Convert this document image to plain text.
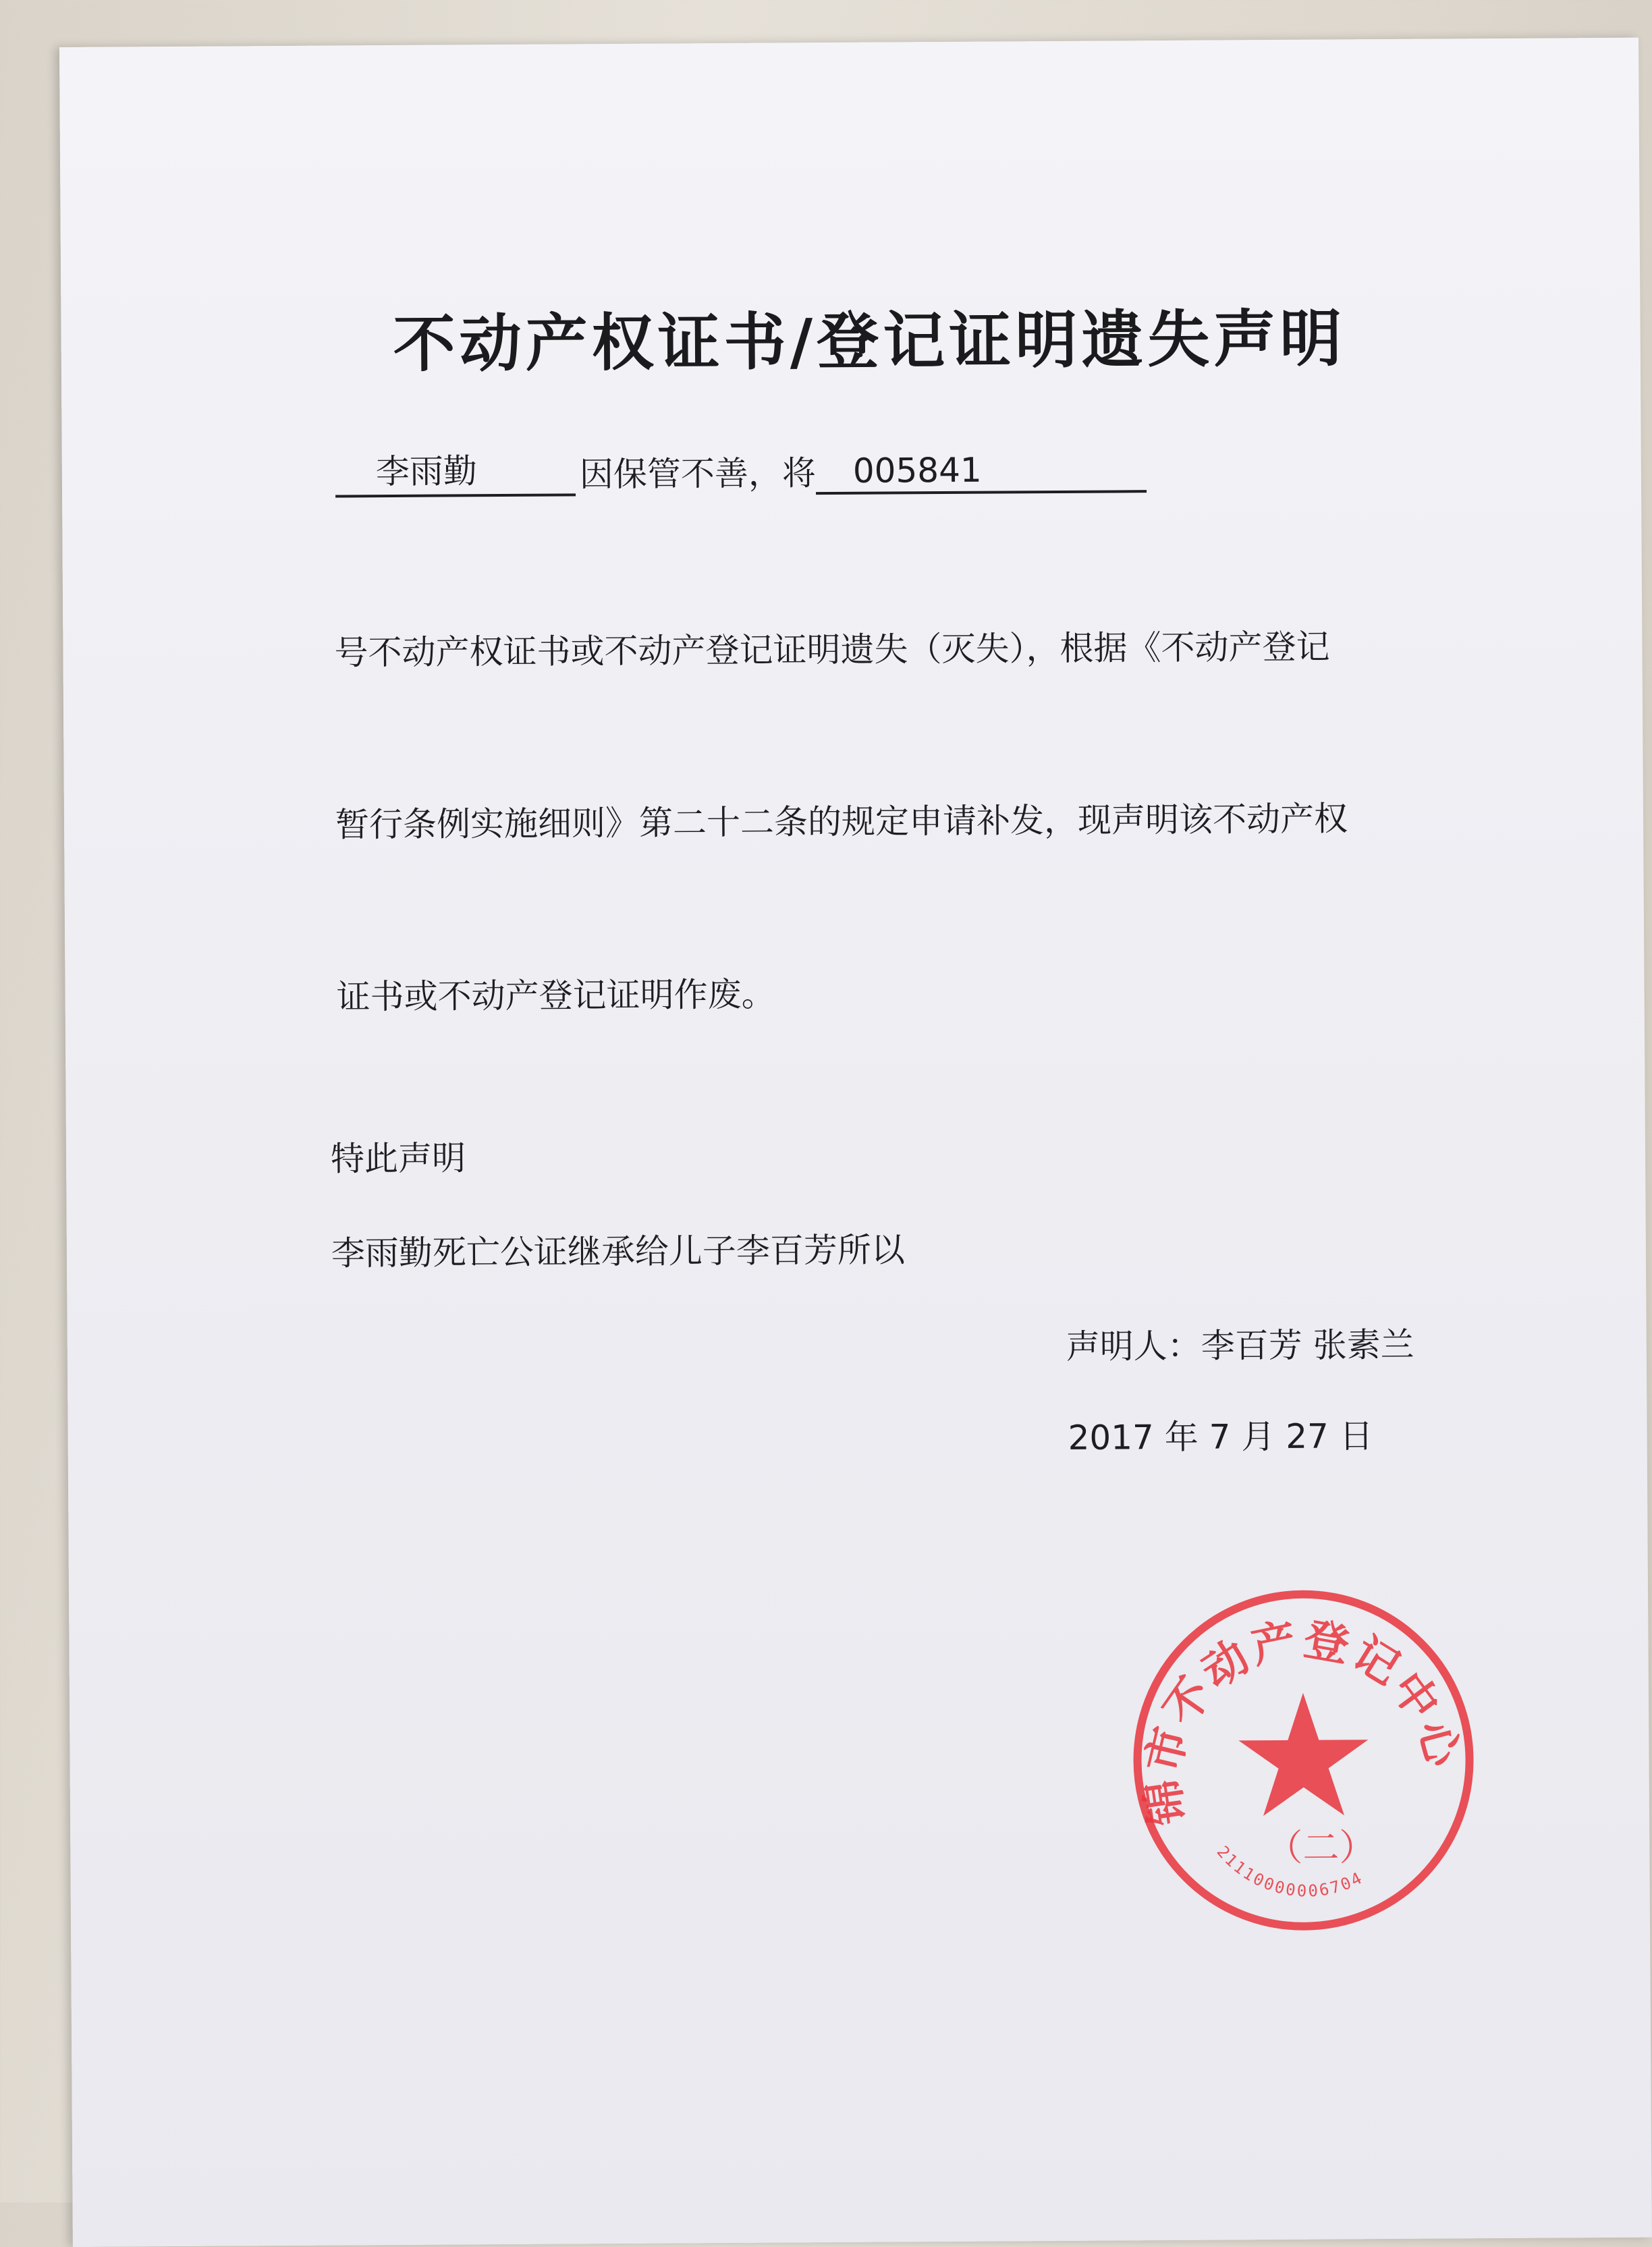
不动产权证书/登记证明遗失声明
李雨勤	因保管不善，将 005841
号不动产权证书或不动产登记证明遗失（灭失），根据《不动产登记
暂行条例实施细则》第二十二条的规定申请补发，现声明该不动产权
证书或不动产登记证明作废。
特此声明
李雨勤死亡公证继承给儿子李百芳所以
声明人：李百芳 张素兰
2017 年 7 月 27 日
锦市不动产登记中心
（二）
21110000006704
